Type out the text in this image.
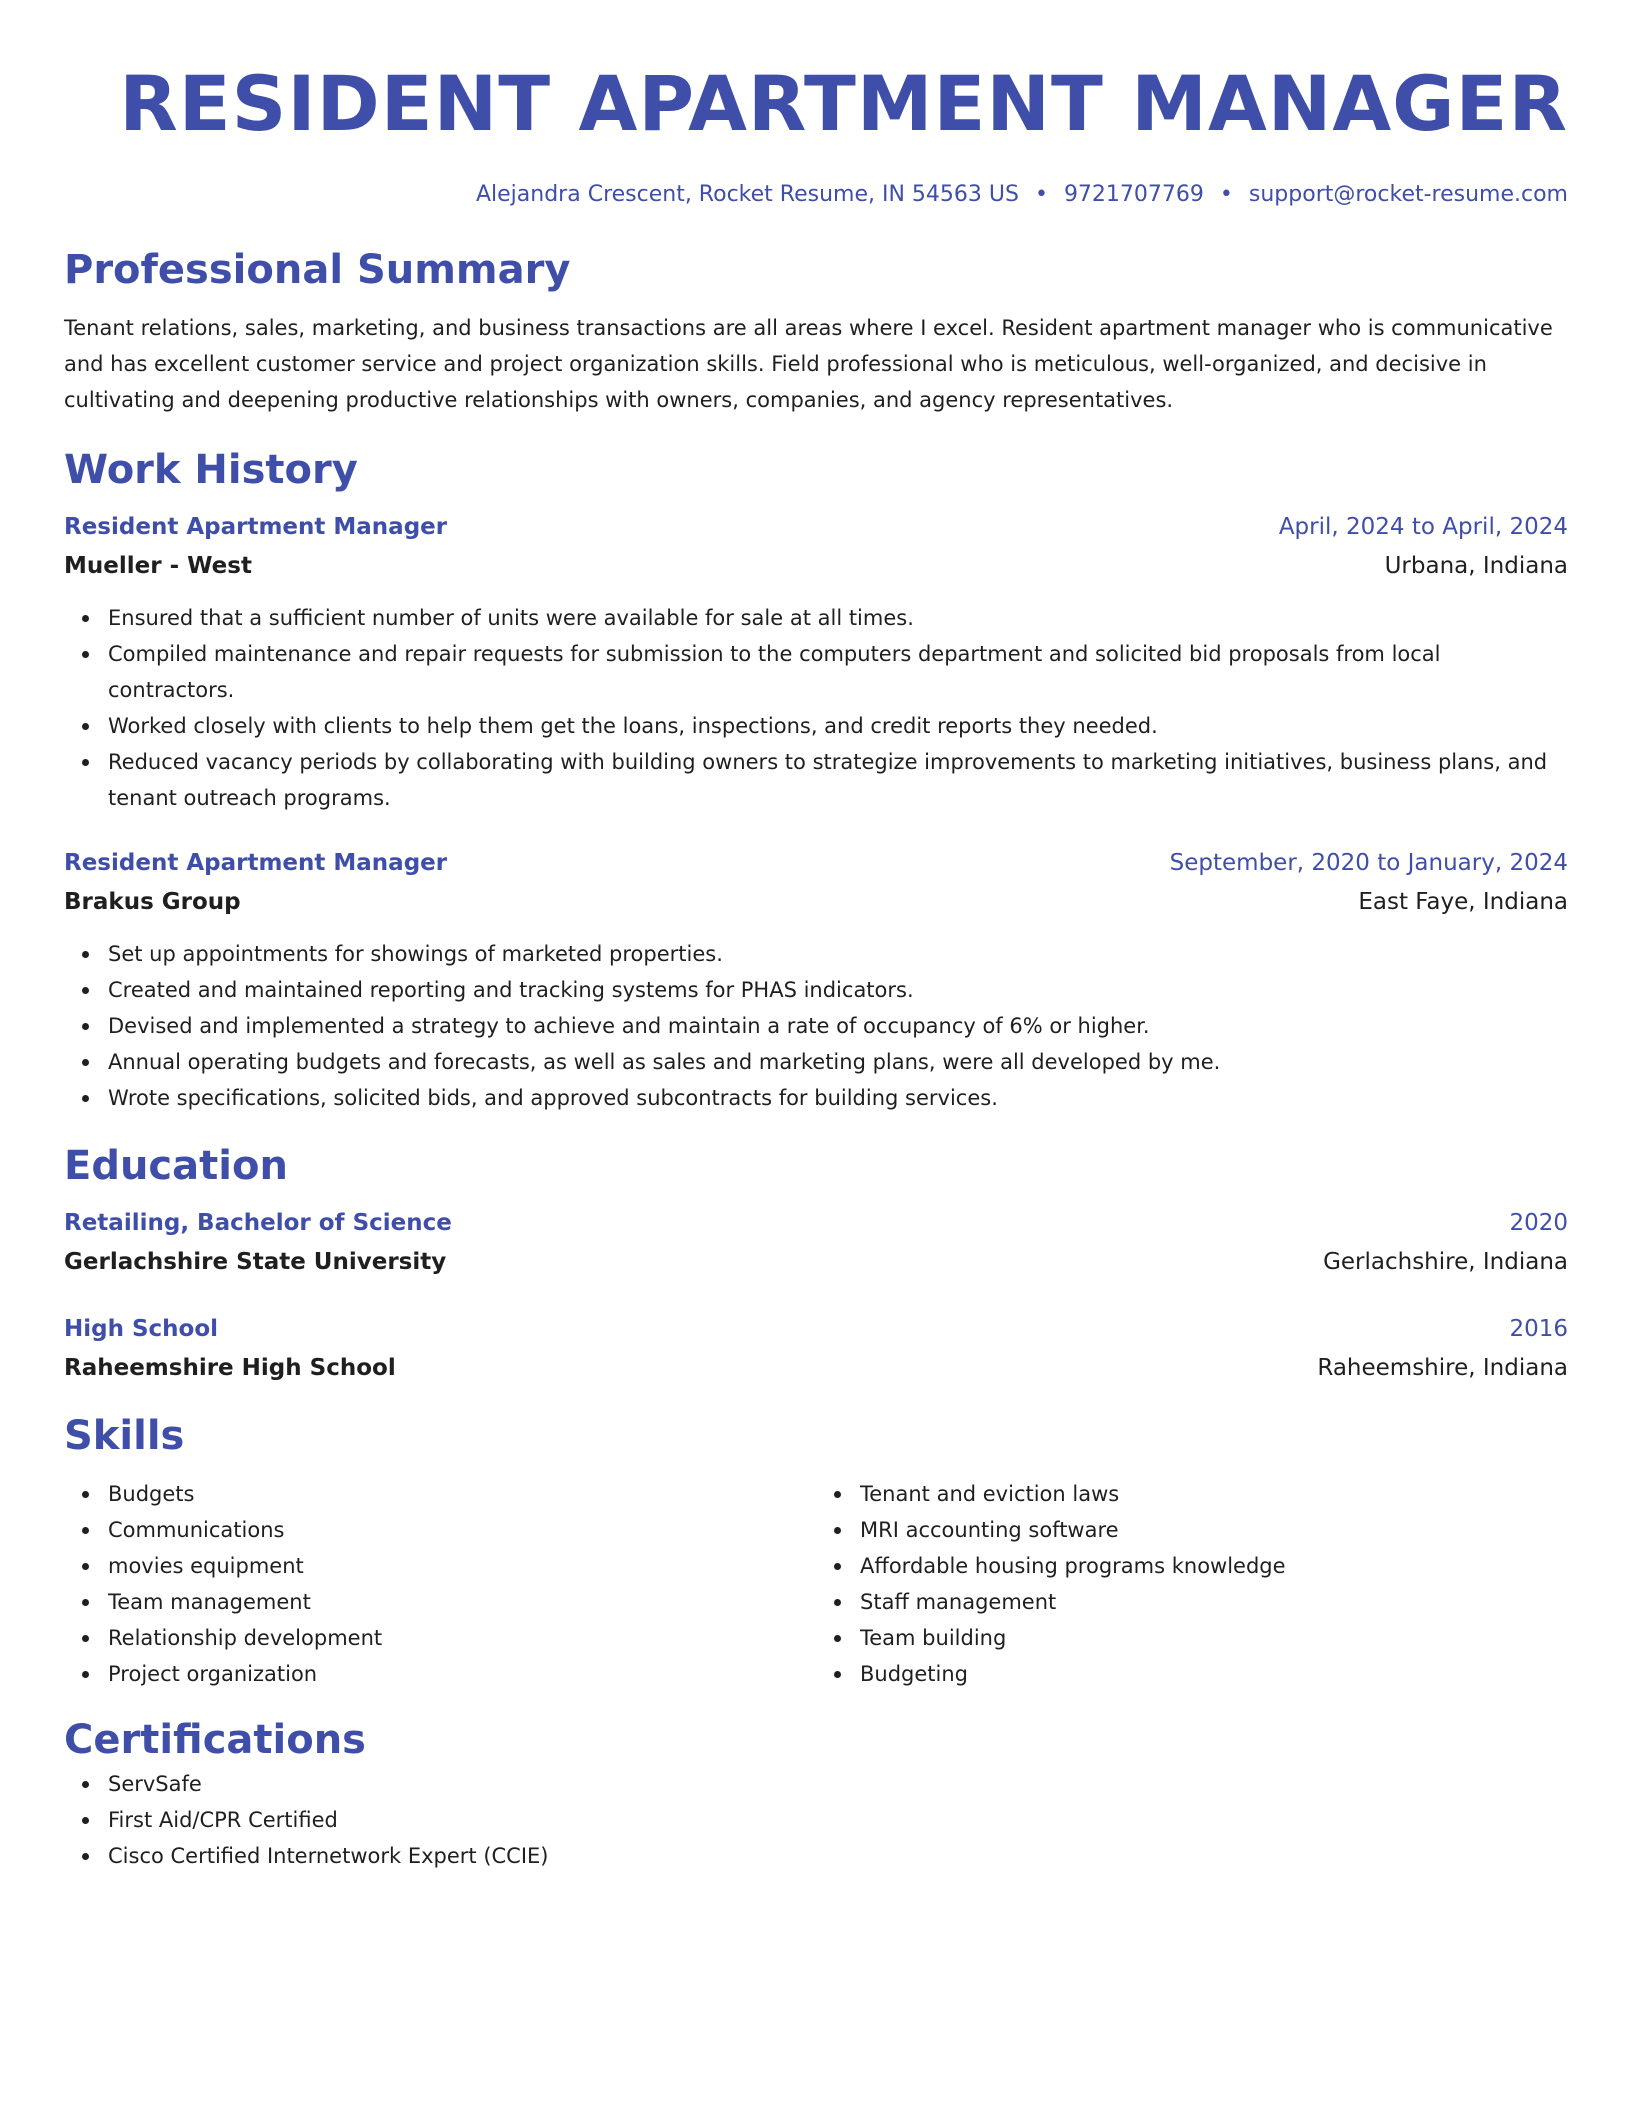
RESIDENT APARTMENT MANAGER
Alejandra Crescent, Rocket Resume, IN 54563 US • 9721707769 • support@rocket-resume.com
Professional Summary
Tenant relations, sales, marketing, and business transactions are all areas where I excel. Resident apartment manager who is communicative and has excellent customer service and project organization skills. Field professional who is meticulous, well-organized, and decisive in cultivating and deepening productive relationships with owners, companies, and agency representatives.
Work History
Resident Apartment Manager	April, 2024 to April, 2024
Mueller - West	Urbana, Indiana
Ensured that a sufficient number of units were available for sale at all times.
Compiled maintenance and repair requests for submission to the computers department and solicited bid proposals from local contractors.
Worked closely with clients to help them get the loans, inspections, and credit reports they needed.
Reduced vacancy periods by collaborating with building owners to strategize improvements to marketing initiatives, business plans, and tenant outreach programs.
Resident Apartment Manager	September, 2020 to January, 2024
Brakus Group	East Faye, Indiana
Set up appointments for showings of marketed properties.
Created and maintained reporting and tracking systems for PHAS indicators.
Devised and implemented a strategy to achieve and maintain a rate of occupancy of 6% or higher.
Annual operating budgets and forecasts, as well as sales and marketing plans, were all developed by me.
Wrote specifications, solicited bids, and approved subcontracts for building services.
Education
Retailing, Bachelor of Science	2020
Gerlachshire State University	Gerlachshire, Indiana
High School	2016
Raheemshire High School	Raheemshire, Indiana
Skills
Budgets
Communications
movies equipment
Team management
Relationship development
Project organization
Tenant and eviction laws
MRI accounting software
Affordable housing programs knowledge
Staff management
Team building
Budgeting
Certifications
ServSafe
First Aid/CPR Certified
Cisco Certified Internetwork Expert (CCIE)
